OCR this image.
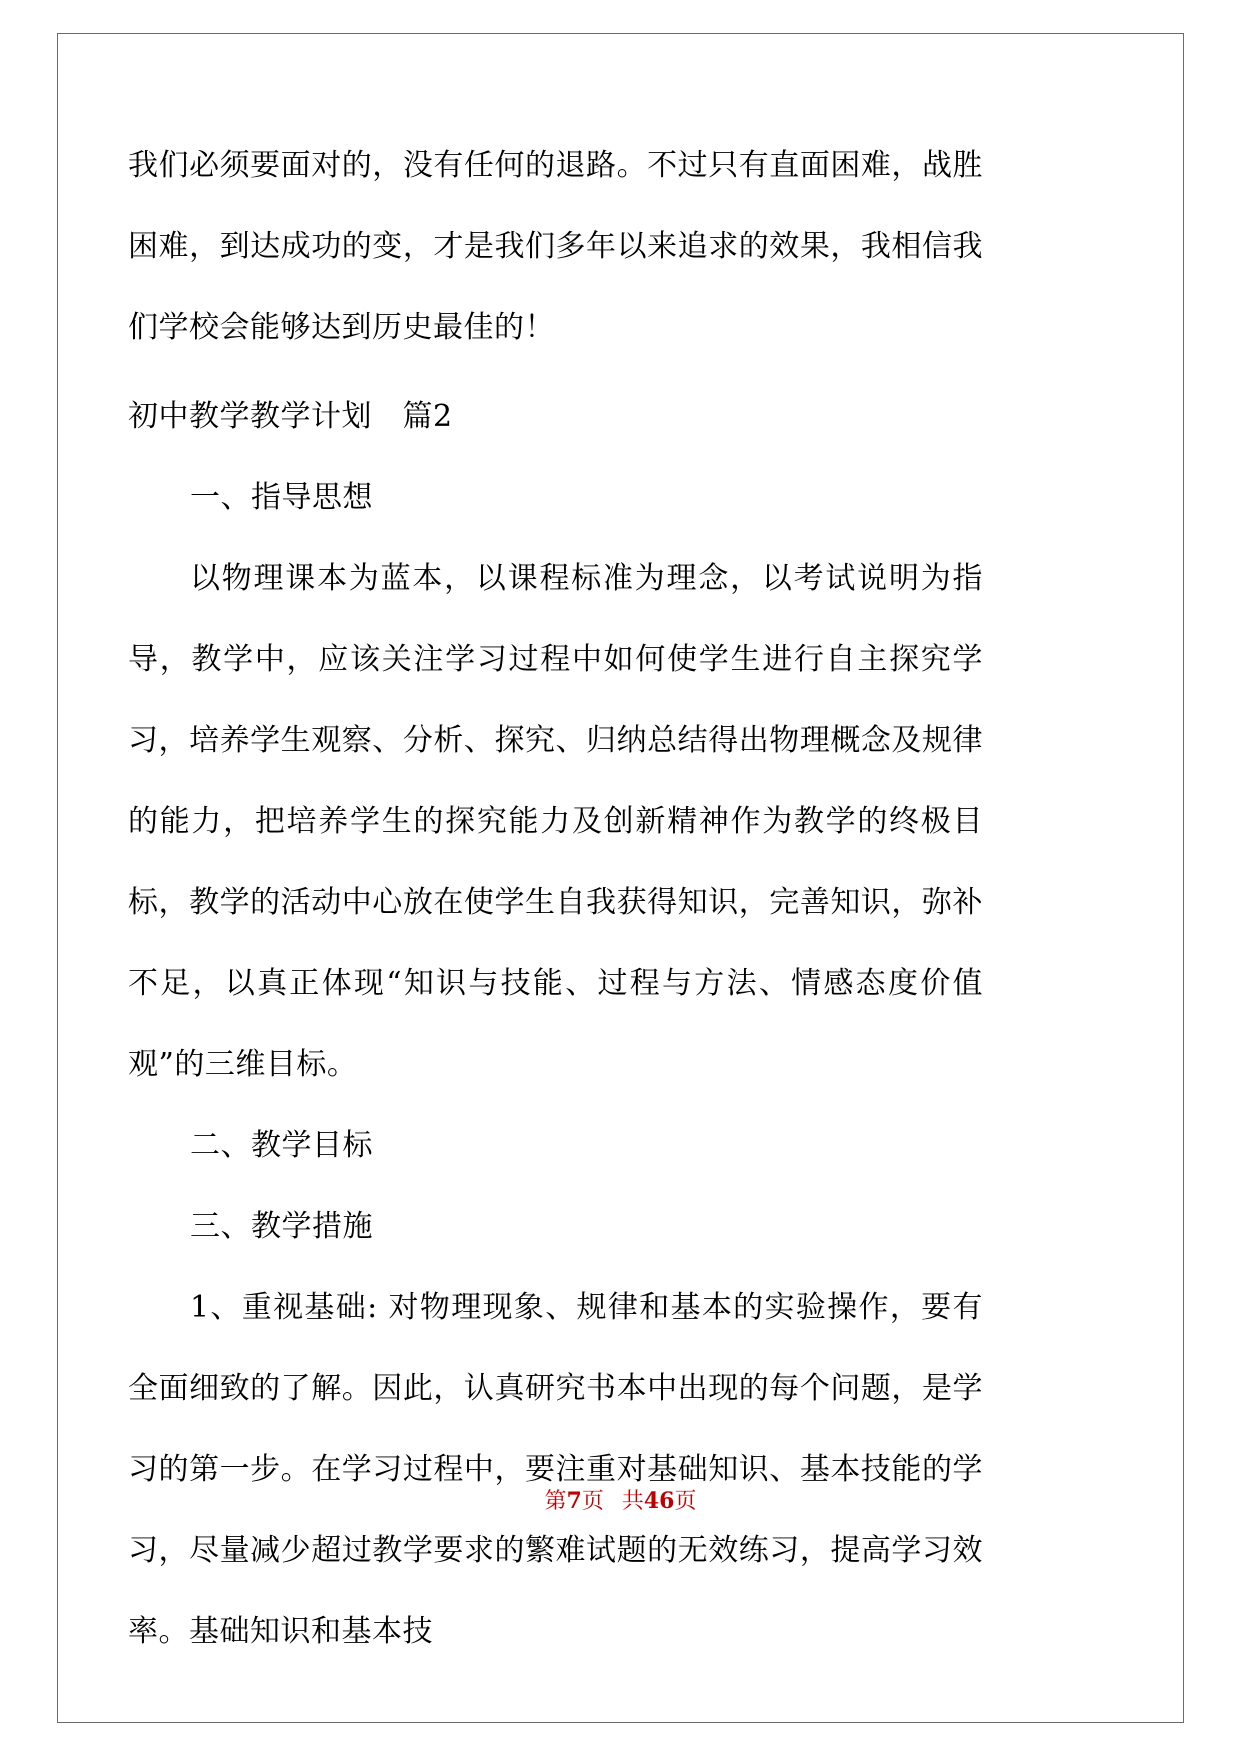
我们必须要面对的，没有任何的退路。不过只有直面困难，战胜困难，到达成功的变，才是我们多年以来追求的效果，我相信我们学校会能够达到历史最佳的！

初中教学教学计划　篇2

一、指导思想

以物理课本为蓝本，以课程标准为理念，以考试说明为指导，教学中，应该关注学习过程中如何使学生进行自主探究学习，培养学生观察、分析、探究、归纳总结得出物理概念及规律的能力，把培养学生的探究能力及创新精神作为教学的终极目标，教学的活动中心放在使学生自我获得知识，完善知识，弥补不足，以真正体现“知识与技能、过程与方法、情感态度价值观”的三维目标。

二、教学目标

三、教学措施

1、重视基础: 对物理现象、规律和基本的实验操作，要有全面细致的了解。因此，认真研究书本中出现的每个问题，是学习的第一步。在学习过程中，要注重对基础知识、基本技能的学习，尽量减少超过教学要求的繁难试题的无效练习，提高学习效率。基础知识和基本技

第7页 共46页
